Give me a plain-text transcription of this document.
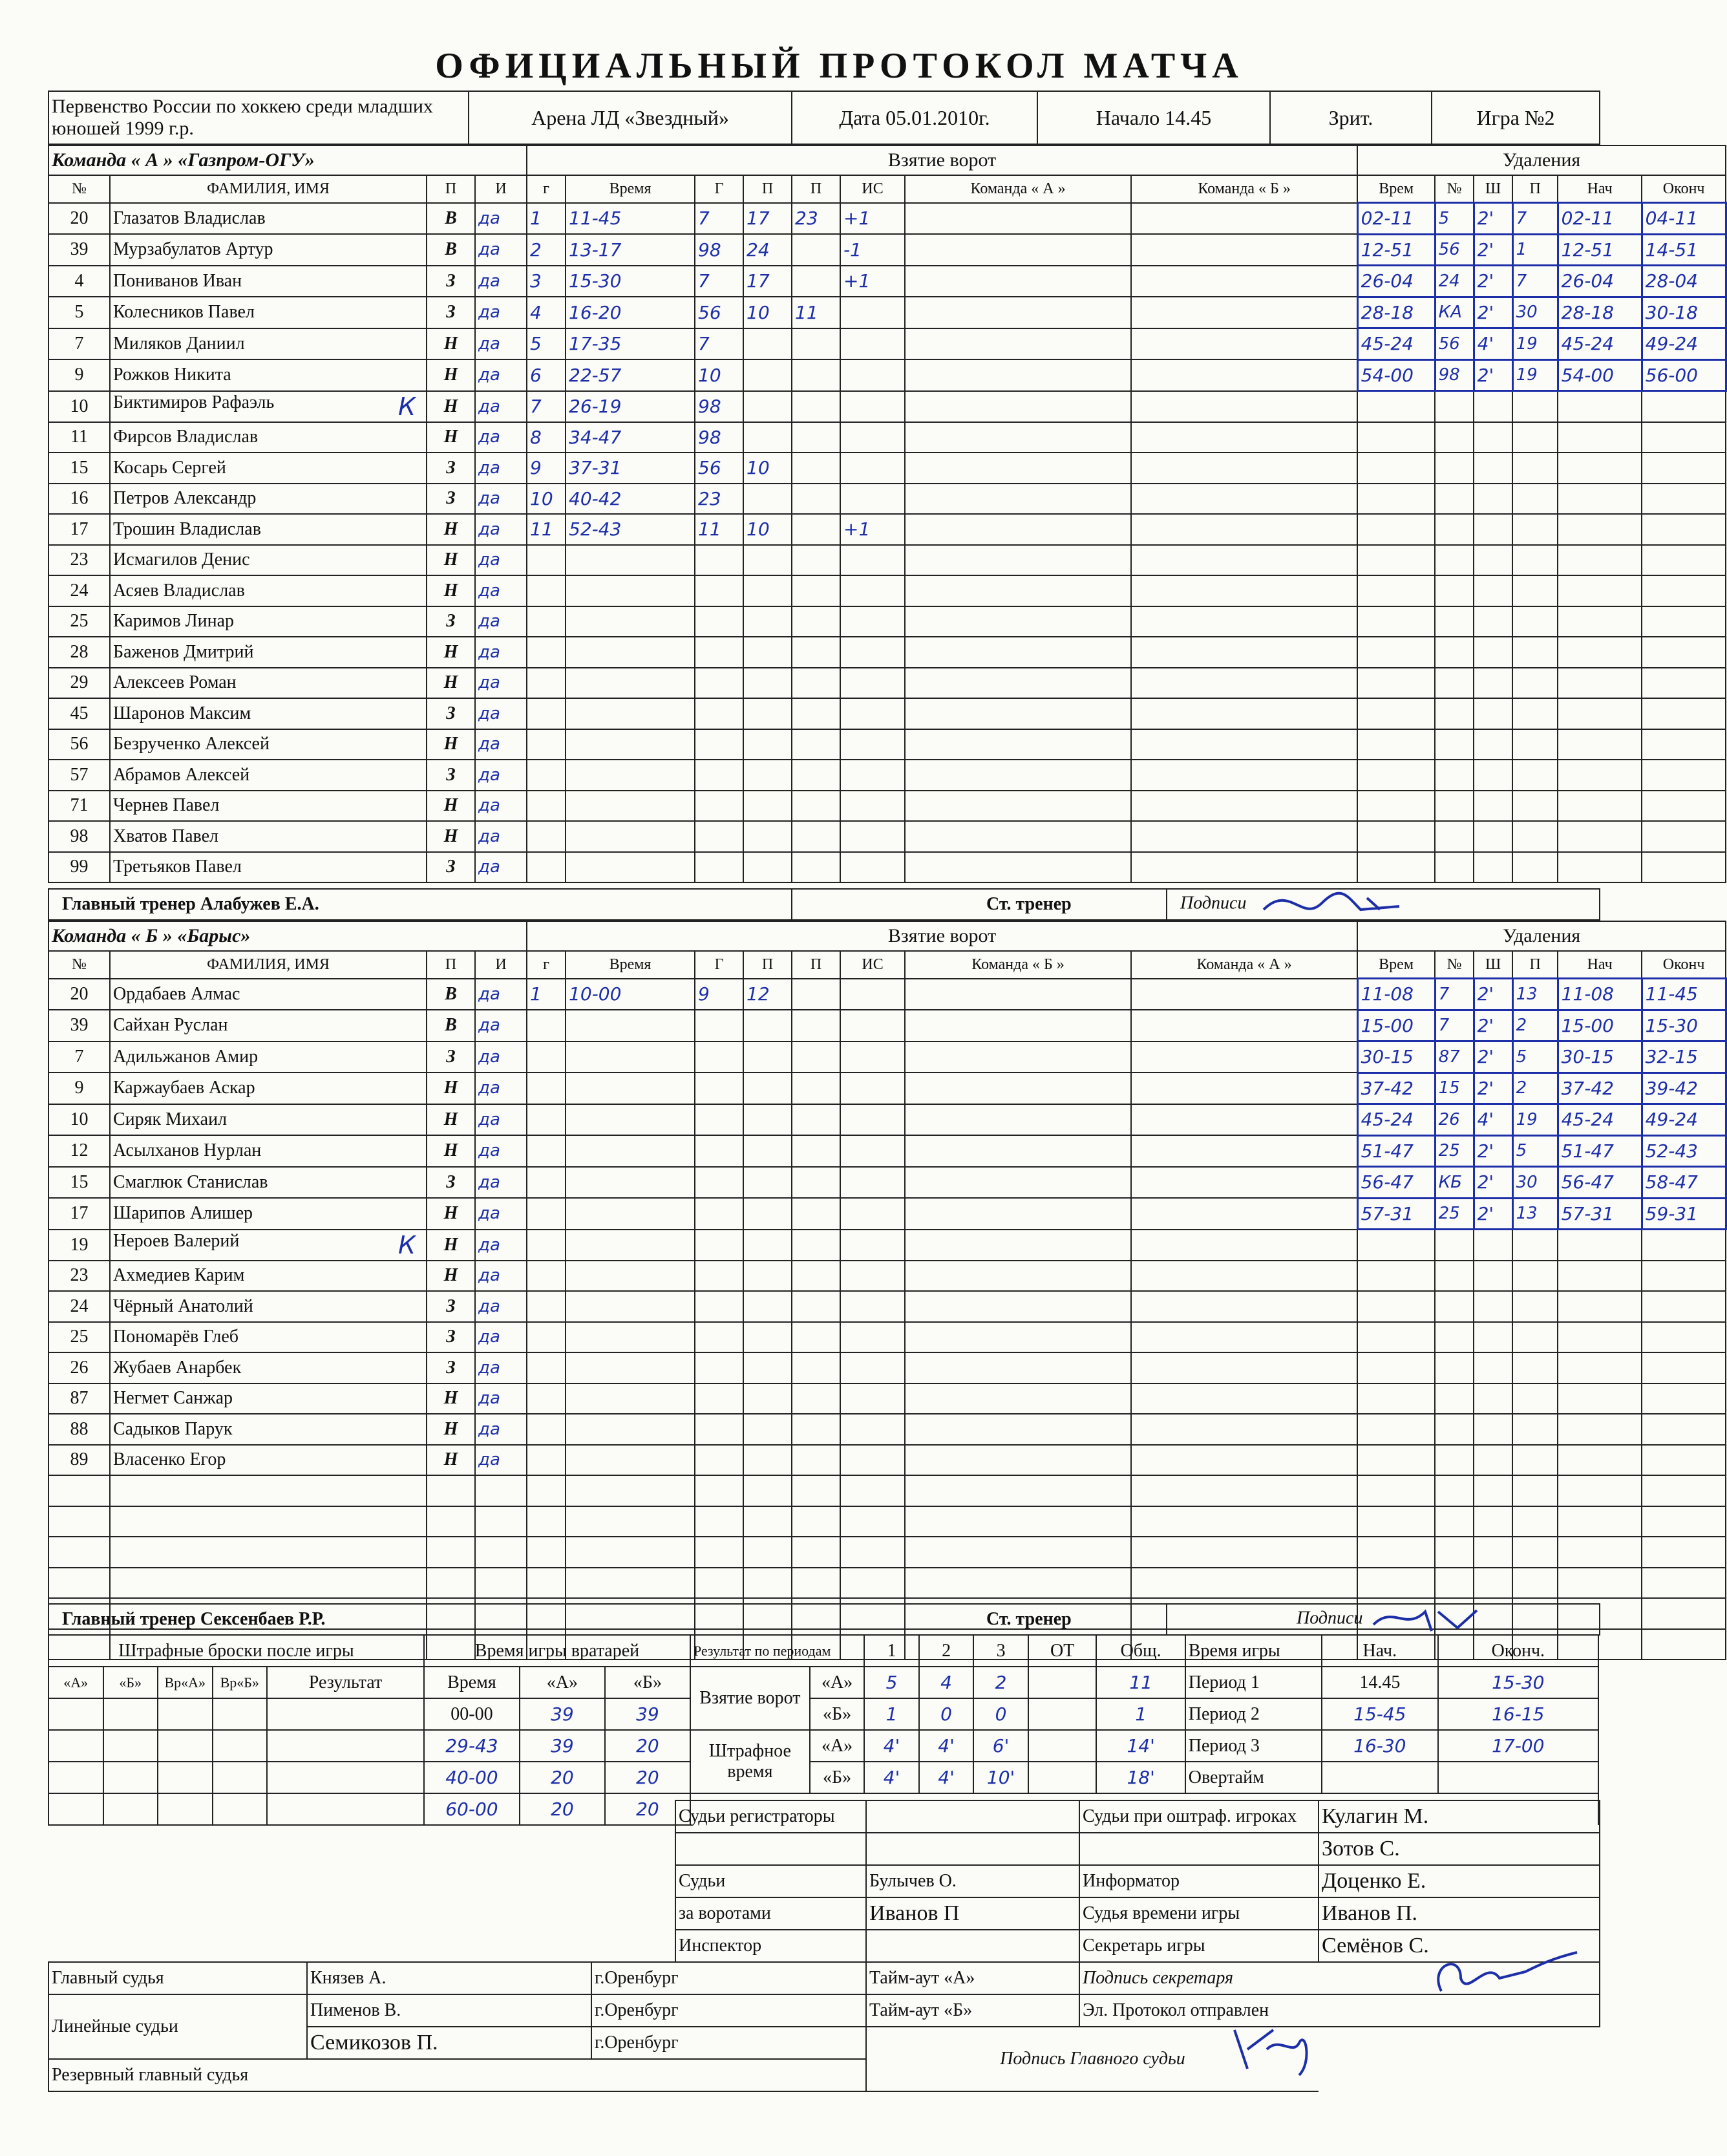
ОФИЦИАЛЬНЫЙ ПРОТОКОЛ МАТЧА
Первенство России по хоккею среди младших юношей 1999 г.р.	Арена ЛД «Звездный»	Дата 05.01.2010г.	Начало 14.45	Зрит.	Игра №2
Команда « А » «Газпром-ОГУ»				Взятие ворот								Удаления					
№	ФАМИЛИЯ, ИМЯ	П	И	г	Время	Г	П	П	ИС	Команда « А »	Команда « Б »	Врем	№	Ш	П	Нач	Оконч
20	Глазатов Владислав	В	да	1	11-45	7	17	23	+1			02-11	5	2'	7	02-11	04-11
39	Мурзабулатов Артур	В	да	2	13-17	98	24		-1			12-51	56	2'	1	12-51	14-51
4	Пониванов Иван	З	да	3	15-30	7	17		+1			26-04	24	2'	7	26-04	28-04
5	Колесников Павел	З	да	4	16-20	56	10	11				28-18	КА	2'	30	28-18	30-18
7	Миляков Даниил	Н	да	5	17-35	7						45-24	56	4'	19	45-24	49-24
9	Рожков Никита	Н	да	6	22-57	10						54-00	98	2'	19	54-00	56-00
10	Биктимиров Рафаэль К	Н	да	7	26-19	98											
11	Фирсов Владислав	Н	да	8	34-47	98											
15	Косарь Сергей	З	да	9	37-31	56	10										
16	Петров Александр	З	да	10	40-42	23											
17	Трошин Владислав	Н	да	11	52-43	11	10		+1								
23	Исмагилов Денис	Н	да														
24	Асяев Владислав	Н	да														
25	Каримов Линар	З	да														
28	Баженов Дмитрий	Н	да														
29	Алексеев Роман	Н	да														
45	Шаронов Максим	З	да														
56	Безрученко Алексей	Н	да														
57	Абрамов Алексей	З	да														
71	Чернев Павел	Н	да														
98	Хватов Павел	Н	да														
99	Третьяков Павел	З	да														
Главный тренер Алабужев Е.А.	Ст. тренер	Подписи
Команда « Б » «Барыс»				Взятие ворот								Удаления					
№	ФАМИЛИЯ, ИМЯ	П	И	г	Время	Г	П	П	ИС	Команда « Б »	Команда « А »	Врем	№	Ш	П	Нач	Оконч
20	Ордабаев Алмас	В	да	1	10-00	9	12					11-08	7	2'	13	11-08	11-45
39	Сайхан Руслан	В	да									15-00	7	2'	2	15-00	15-30
7	Адильжанов Амир	З	да									30-15	87	2'	5	30-15	32-15
9	Каржаубаев Аскар	Н	да									37-42	15	2'	2	37-42	39-42
10	Сиряк Михаил	Н	да									45-24	26	4'	19	45-24	49-24
12	Асылханов Нурлан	Н	да									51-47	25	2'	5	51-47	52-43
15	Смаглюк Станислав	З	да									56-47	КБ	2'	30	56-47	58-47
17	Шарипов Алишер	Н	да									57-31	25	2'	13	57-31	59-31
19	Нероев Валерий К	Н	да														
23	Ахмедиев Карим	Н	да														
24	Чёрный Анатолий	З	да														
25	Пономарёв Глеб	З	да														
26	Жубаев Анарбек	З	да														
87	Негмет Санжар	Н	да														
88	Садыков Парук	Н	да														
89	Власенко Егор	Н	да														

Главный тренер Сексенбаев Р.Р.	Ст. тренер	Подписи
Штрафные броски после игры					Время игры вратарей			Результат по периодам		1	2	3	ОТ	Общ.	Время игры	Нач.	Оконч.
«А»	«Б»	Вр«А»	Вр«Б»	Результат	Время	«А»	«Б»	Взятие ворот	«А»	5	4	2		11	Период 1	14.45	15-30
					00-00	39	39		«Б»	1	0	0		1	Период 2	15-45	16-15
					29-43	39	20	Штрафное время	«А»	4'	4'	6'		14'	Период 3	16-30	17-00
					40-00	20	20		«Б»	4'	4'	10'		18'	Овертайм		
					60-00	20	20										
			Судьи регистраторы		Судьи при оштраф. игроках	Кулагин М.
						Зотов С.
			Судьи	Булычев О.	Информатор	Доценко Е.
			за воротами	Иванов П	Судья времени игры	Иванов П.
			Инспектор		Секретарь игры	Семёнов С.
Главный судья	Князев А.	г.Оренбург		Тайм-аут «А»	Подпись секретаря	
Линейные судьи	Пименов В.	г.Оренбург		Тайм-аут «Б»	Эл. Протокол отправлен	
	Семикозов П.	г.Оренбург		Подпись Главного судьи		
Резервный главный судья						
